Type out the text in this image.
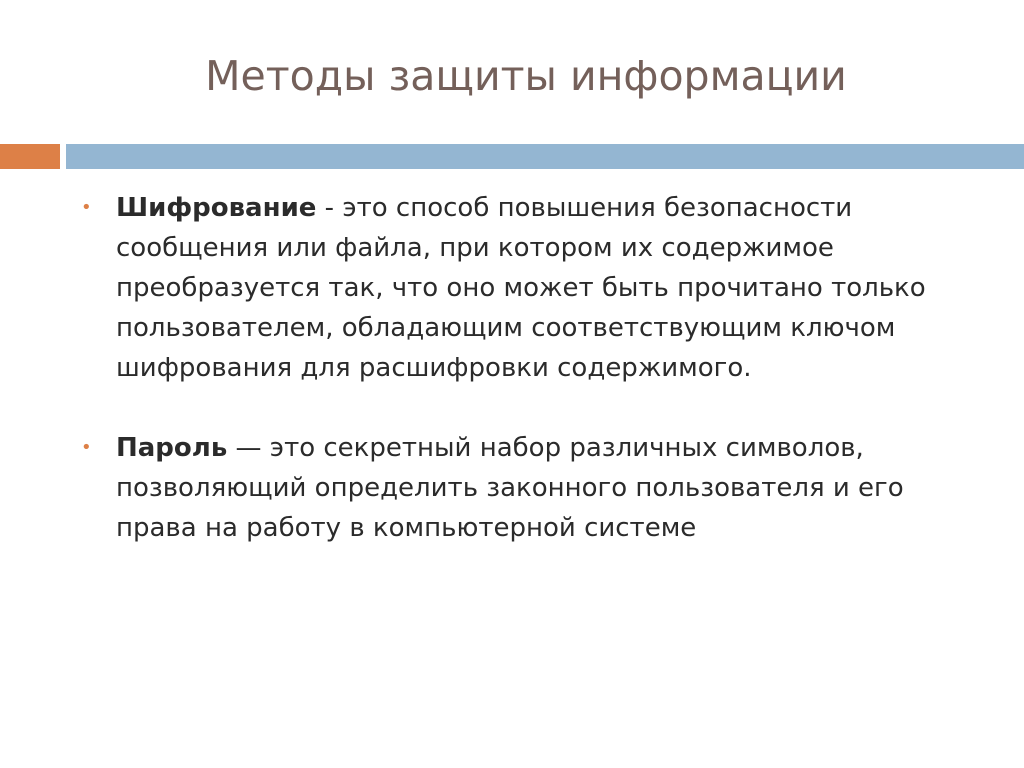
Методы защиты информации
• Шифрование - это способ повышения безопасности сообщения или файла, при котором их содержимое преобразуется так, что оно может быть прочитано только пользователем, обладающим соответствующим ключом шифрования для расшифровки содержимого.
• Пароль — это секретный набор различных символов, позволяющий определить законного пользователя и его права на работу в компьютерной системе
